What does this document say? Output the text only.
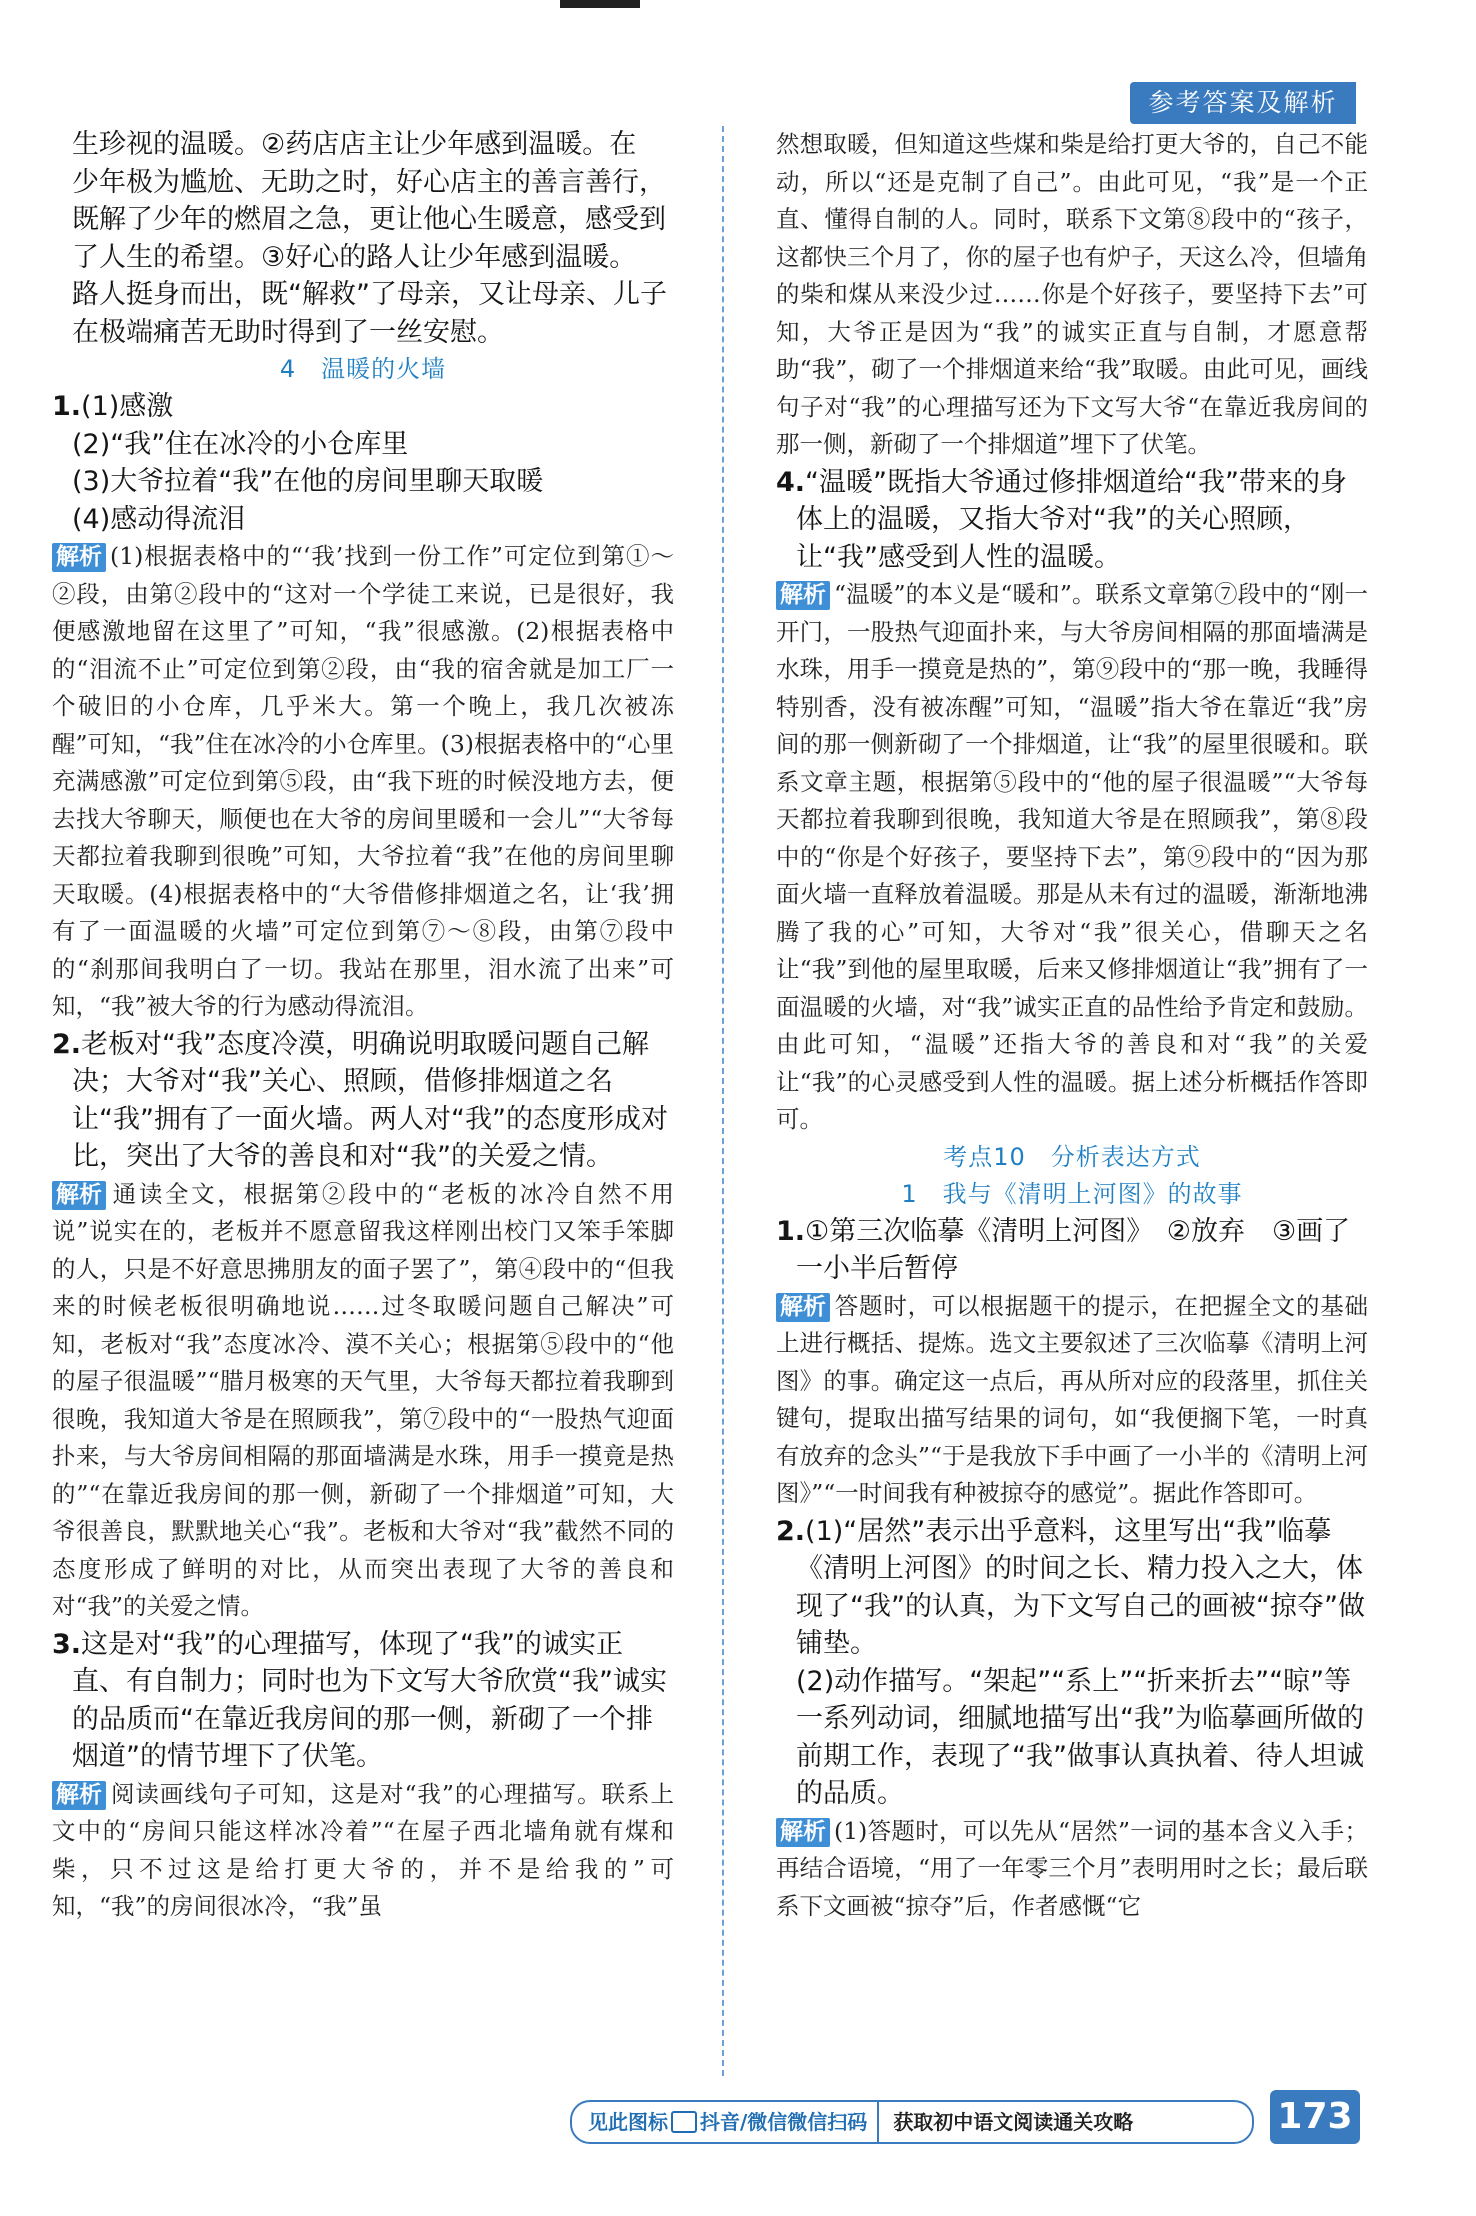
参考答案及解析

生珍视的温暖。②药店店主让少年感到温暖。在

少年极为尴尬、无助之时，好心店主的善言善行，

既解了少年的燃眉之急，更让他心生暖意，感受到

了人生的希望。③好心的路人让少年感到温暖。

路人挺身而出，既“解救”了母亲，又让母亲、儿子

在极端痛苦无助时得到了一丝安慰。

4　温暖的火墙

1.(1)感激

(2)“我”住在冰冷的小仓库里

(3)大爷拉着“我”在他的房间里聊天取暖

(4)感动得流泪

解析 (1)根据表格中的“‘我’找到一份工作”可定位到第①～②段，由第②段中的“这对一个学徒工来说，已是很好，我便感激地留在这里了”可知，“我”很感激。(2)根据表格中的“泪流不止”可定位到第②段，由“我的宿舍就是加工厂一个破旧的小仓库，几乎米大。第一个晚上，我几次被冻醒”可知，“我”住在冰冷的小仓库里。(3)根据表格中的“心里充满感激”可定位到第⑤段，由“我下班的时候没地方去，便去找大爷聊天，顺便也在大爷的房间里暖和一会儿”“大爷每天都拉着我聊到很晚”可知，大爷拉着“我”在他的房间里聊天取暖。(4)根据表格中的“大爷借修排烟道之名，让‘我’拥有了一面温暖的火墙”可定位到第⑦～⑧段，由第⑦段中的“刹那间我明白了一切。我站在那里，泪水流了出来”可知，“我”被大爷的行为感动得流泪。

2.老板对“我”态度冷漠，明确说明取暖问题自己解决；大爷对“我”关心、照顾，借修排烟道之名让“我”拥有了一面火墙。两人对“我”的态度形成对比，突出了大爷的善良和对“我”的关爱之情。

解析 通读全文，根据第②段中的“老板的冰冷自然不用说”说实在的，老板并不愿意留我这样刚出校门又笨手笨脚的人，只是不好意思拂朋友的面子罢了”，第④段中的“但我来的时候老板很明确地说……过冬取暖问题自己解决”可知，老板对“我”态度冰冷、漠不关心；根据第⑤段中的“他的屋子很温暖”“腊月极寒的天气里，大爷每天都拉着我聊到很晚，我知道大爷是在照顾我”，第⑦段中的“一股热气迎面扑来，与大爷房间相隔的那面墙满是水珠，用手一摸竟是热的”“在靠近我房间的那一侧，新砌了一个排烟道”可知，大爷很善良，默默地关心“我”。老板和大爷对“我”截然不同的态度形成了鲜明的对比，从而突出表现了大爷的善良和对“我”的关爱之情。

3.这是对“我”的心理描写，体现了“我”的诚实正直、有自制力；同时也为下文写大爷欣赏“我”诚实的品质而“在靠近我房间的那一侧，新砌了一个排烟道”的情节埋下了伏笔。

解析 阅读画线句子可知，这是对“我”的心理描写。联系上文中的“房间只能这样冰冷着”“在屋子西北墙角就有煤和柴，只不过这是给打更大爷的，并不是给我的”可知，“我”的房间很冰冷，“我”虽

然想取暖，但知道这些煤和柴是给打更大爷的，自己不能动，所以“还是克制了自己”。由此可见，“我”是一个正直、懂得自制的人。同时，联系下文第⑧段中的“孩子，这都快三个月了，你的屋子也有炉子，天这么冷，但墙角的柴和煤从来没少过……你是个好孩子，要坚持下去”可知，大爷正是因为“我”的诚实正直与自制，才愿意帮助“我”，砌了一个排烟道来给“我”取暖。由此可见，画线句子对“我”的心理描写还为下文写大爷“在靠近我房间的那一侧，新砌了一个排烟道”埋下了伏笔。

4.“温暖”既指大爷通过修排烟道给“我”带来的身体上的温暖，又指大爷对“我”的关心照顾，让“我”感受到人性的温暖。

解析 “温暖”的本义是“暖和”。联系文章第⑦段中的“刚一开门，一股热气迎面扑来，与大爷房间相隔的那面墙满是水珠，用手一摸竟是热的”，第⑨段中的“那一晚，我睡得特别香，没有被冻醒”可知，“温暖”指大爷在靠近“我”房间的那一侧新砌了一个排烟道，让“我”的屋里很暖和。联系文章主题，根据第⑤段中的“他的屋子很温暖”“大爷每天都拉着我聊到很晚，我知道大爷是在照顾我”，第⑧段中的“你是个好孩子，要坚持下去”，第⑨段中的“因为那面火墙一直释放着温暖。那是从未有过的温暖，渐渐地沸腾了我的心”可知，大爷对“我”很关心，借聊天之名让“我”到他的屋里取暖，后来又修排烟道让“我”拥有了一面温暖的火墙，对“我”诚实正直的品性给予肯定和鼓励。由此可知，“温暖”还指大爷的善良和对“我”的关爱让“我”的心灵感受到人性的温暖。据上述分析概括作答即可。

考点10　分析表达方式

1　我与《清明上河图》的故事

1.①第三次临摹《清明上河图》　②放弃　③画了一小半后暂停

解析 答题时，可以根据题干的提示，在把握全文的基础上进行概括、提炼。选文主要叙述了三次临摹《清明上河图》的事。确定这一点后，再从所对应的段落里，抓住关键句，提取出描写结果的词句，如“我便搁下笔，一时真有放弃的念头”“于是我放下手中画了一小半的《清明上河图》”“一时间我有种被掠夺的感觉”。据此作答即可。

2.(1)“居然”表示出乎意料，这里写出“我”临摹《清明上河图》的时间之长、精力投入之大，体现了“我”的认真，为下文写自己的画被“掠夺”做铺垫。

(2)动作描写。“架起”“系上”“折来折去”“晾”等一系列动词，细腻地描写出“我”为临摹画所做的前期工作，表现了“我”做事认真执着、待人坦诚的品质。

解析 (1)答题时，可以先从“居然”一词的基本含义入手；再结合语境，“用了一年零三个月”表明用时之长；最后联系下文画被“掠夺”后，作者感慨“它

见此图标 抖音/微信微信扫码	获取初中语文阅读通关攻略	173
